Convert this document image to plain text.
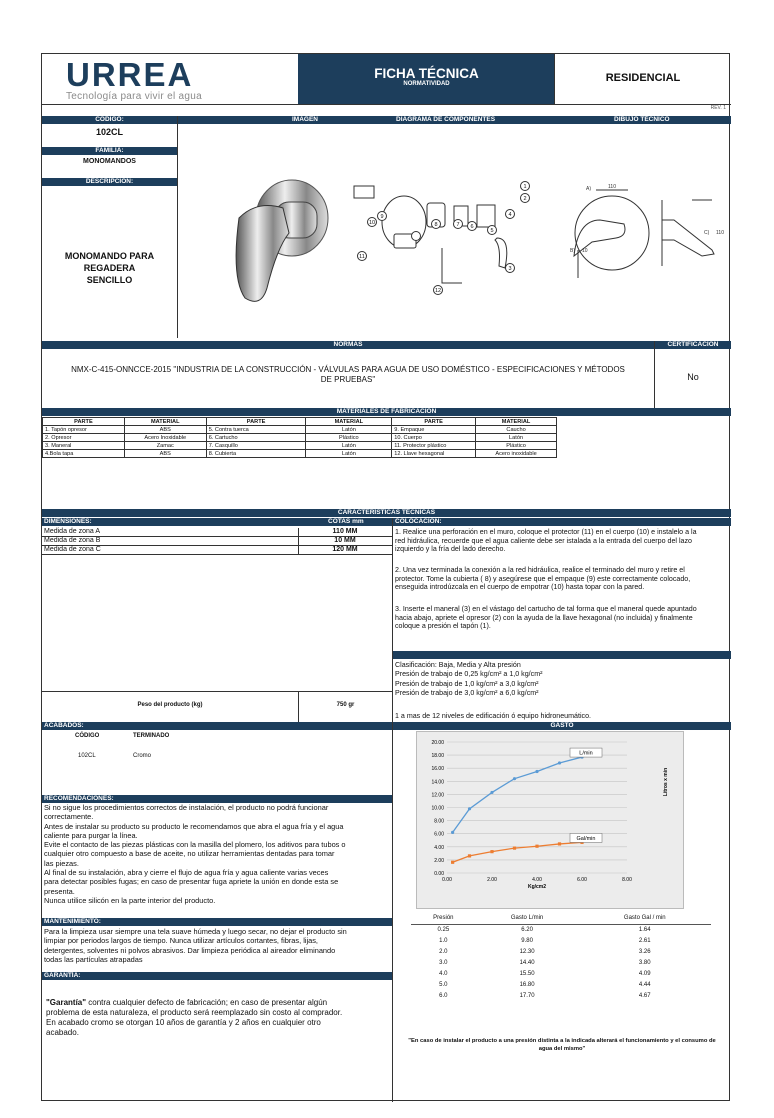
URREA
Tecnología para vivir el agua
FICHA TÉCNICA
NORMATIVIDAD	RESIDENCIAL
REV. 1
CÓDIGO:	IMAGEN	DIAGRAMA DE COMPONENTES	DIBUJO TÉCNICO
102CL
FAMILIA:
MONOMANDOS
DESCRIPCIÓN:
MONOMANDO PARA REGADERA
SENCILLO
1
2
3
4
5
6
7
8
9
10
11
12
A)	110
B) 10
C) 110
NORMAS	CERTIFICACIÓN
NMX-C-415-ONNCCE-2015 "INDUSTRIA DE LA CONSTRUCCIÓN - VÁLVULAS PARA AGUA DE USO DOMÉSTICO - ESPECIFICACIONES Y MÉTODOS
DE PRUEBAS"	No
MATERIALES DE FABRICACIÓN
PARTE	MATERIAL	PARTE	MATERIAL	PARTE	MATERIAL
1. Tapón opresor	ABS	5. Contra tuerca	Latón	9. Empaque	Caucho
2. Opresor	Acero Inoxidable	6. Cartucho	Plástico	10. Cuerpo	Latón
3. Maneral	Zamac	7. Casquillo	Latón	11. Protector plástico	Plástico
4.Bola tapa	ABS	8. Cubierta	Latón	12. Llave hexagonal	Acero inoxidable
CARACTERÍSTICAS TÉCNICAS
DIMENSIONES:	COTAS mm	COLOCACIÓN:
Medida de zona A	110 MM
Medida de zona B	10 MM
Medida de zona C	120 MM
Peso del producto (kg)	750 gr
1. Realice una perforación en el muro, coloque el protector (11) en el cuerpo (10) e instalelo a la
red hidráulica, recuerde que el agua caliente debe ser istalada a la entrada del cuerpo del lazo
izquierdo y la fría del lado derecho.
2. Una vez terminada la conexión a la red hidráulica, realice el terminado del muro y retire el
protector. Tome la cubierta ( 8) y asegúrese que el empaque (9) este correctamente colocado,
enseguida introdúzcala en el cuerpo de empotrar (10) hasta topar con la pared.
3. Inserte el maneral (3) en el vástago del cartucho de tal forma que el maneral quede apuntado
hacia abajo, apriete el opresor (2) con la ayuda de la llave hexagonal (no incluida) y finalmente
coloque a presión el tapón (1).
Clasificación: Baja, Media y Alta presión
Presión de trabajo de 0,25 kg/cm² a 1,0 kg/cm²
Presión de trabajo de 1,0 kg/cm² a 3,0 kg/cm²
Presión de trabajo de 3,0 kg/cm² a 6,0 kg/cm²
1 a mas de 12 niveles de edificación ó equipo hidroneumático.
ACABADOS:	GASTO
CÓDIGO	TERMINADO
102CL	Cromo
RECOMENDACIONES:
Si no sigue los procedimientos correctos de instalación, el producto no podrá funcionar
correctamente.
Antes de instalar su producto su producto le recomendamos que abra el agua fría y el agua
caliente para purgar la línea.
Evite el contacto de las piezas plásticas con la masilla del plomero, los aditivos para tubos o
cualquier otro compuesto a base de aceite, no utilizar herramientas dentadas para tomar
las piezas.
Al final de su instalación, abra y cierre el flujo de agua fría y agua caliente varias veces
para detectar posibles fugas; en caso de presentar fuga apriete la unión en donde esta se
presenta.
Nunca utilice silicón en la parte interior del producto.
MANTENIMIENTO:
Para la limpieza usar siempre una tela suave húmeda y luego secar, no dejar el producto sin
limpiar por periodos largos de tiempo. Nunca utilizar artículos cortantes, fibras, lijas,
detergentes, solventes ni polvos abrasivos. Dar limpieza periódica al aireador eliminando
todas las partículas atrapadas
GARANTÍA:
"Garantía" contra cualquier defecto de fabricación; en caso de presentar algún
problema de esta naturaleza, el producto será reemplazado sin costo al comprador.
En acabado cromo se otorgan 10 años de garantía y 2 años en cualquier otro
acabado.
0.00
2.00
4.00
6.00
8.00
10.00
12.00
14.00
16.00
18.00
20.00
0.00	2.00	4.00	6.00	8.00
Kg/cm2
Litros x min
L/min
Gal/min
Presión	Gasto L/min	Gasto Gal / min
0.25	6.20	1.64
1.0	9.80	2.61
2.0	12.30	3.26
3.0	14.40	3.80
4.0	15.50	4.09
5.0	16.80	4.44
6.0	17.70	4.67
"En caso de instalar el producto a una presión distinta a la indicada alterará el funcionamiento y el consumo de
agua del mismo"
